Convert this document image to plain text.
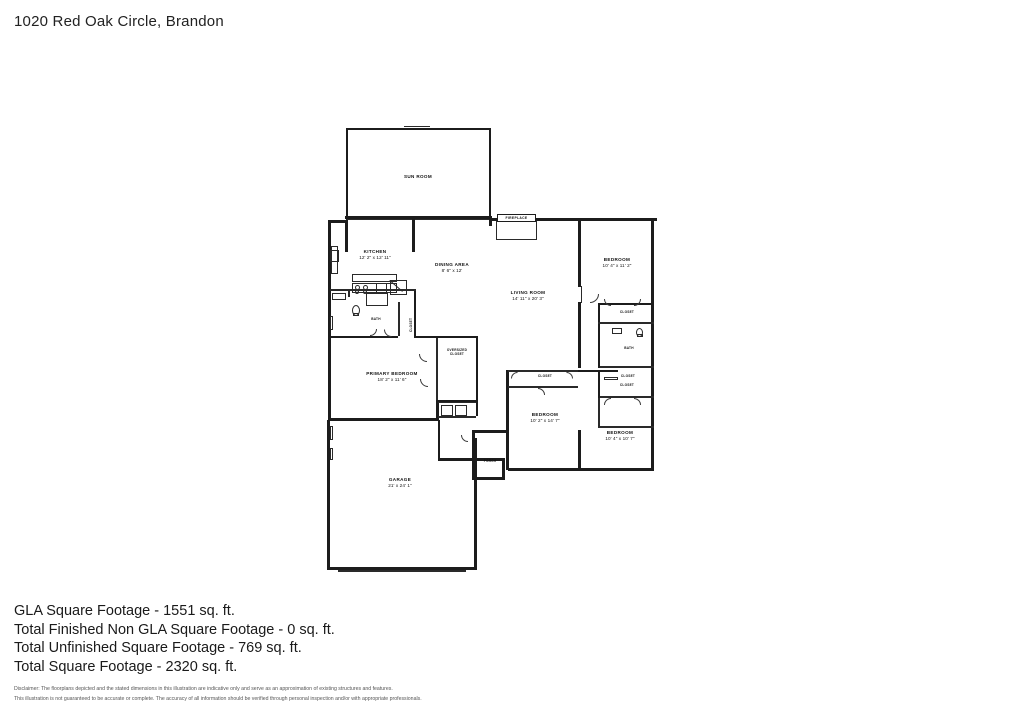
1020 Red Oak Circle, Brandon
SUN ROOM
FIREPLACE
KITCHEN
12' 2" x 12' 11"
DINING AREA
8' 6" x 12'
LIVING ROOM
14' 11" x 20' 3"
BEDROOM
10' 4" x 11' 2"
CLOSET
BATH
CLOSET
CLOSET
BEDROOM
10' 4" x 10' 7"
BEDROOM
10' 2" x 14' 7"
CLOSET
PRIMARY BEDROOM
18' 2" x 11' 6"
OVERSIZED
CLOSET
BATH	CLOSET
PORCH
GARAGE
21' x 24' 1"
GLA Square Footage - 1551 sq. ft.
Total Finished Non GLA Square Footage - 0 sq. ft.
Total Unfinished Square Footage - 769 sq. ft.
Total Square Footage - 2320 sq. ft.
Disclaimer: The floorplans depicted and the stated dimensions in this illustration are indicative only and serve as an approximation of existing structures and features.
This illustration is not guaranteed to be accurate or complete. The accuracy of all information should be verified through personal inspection and/or with appropriate professionals.
